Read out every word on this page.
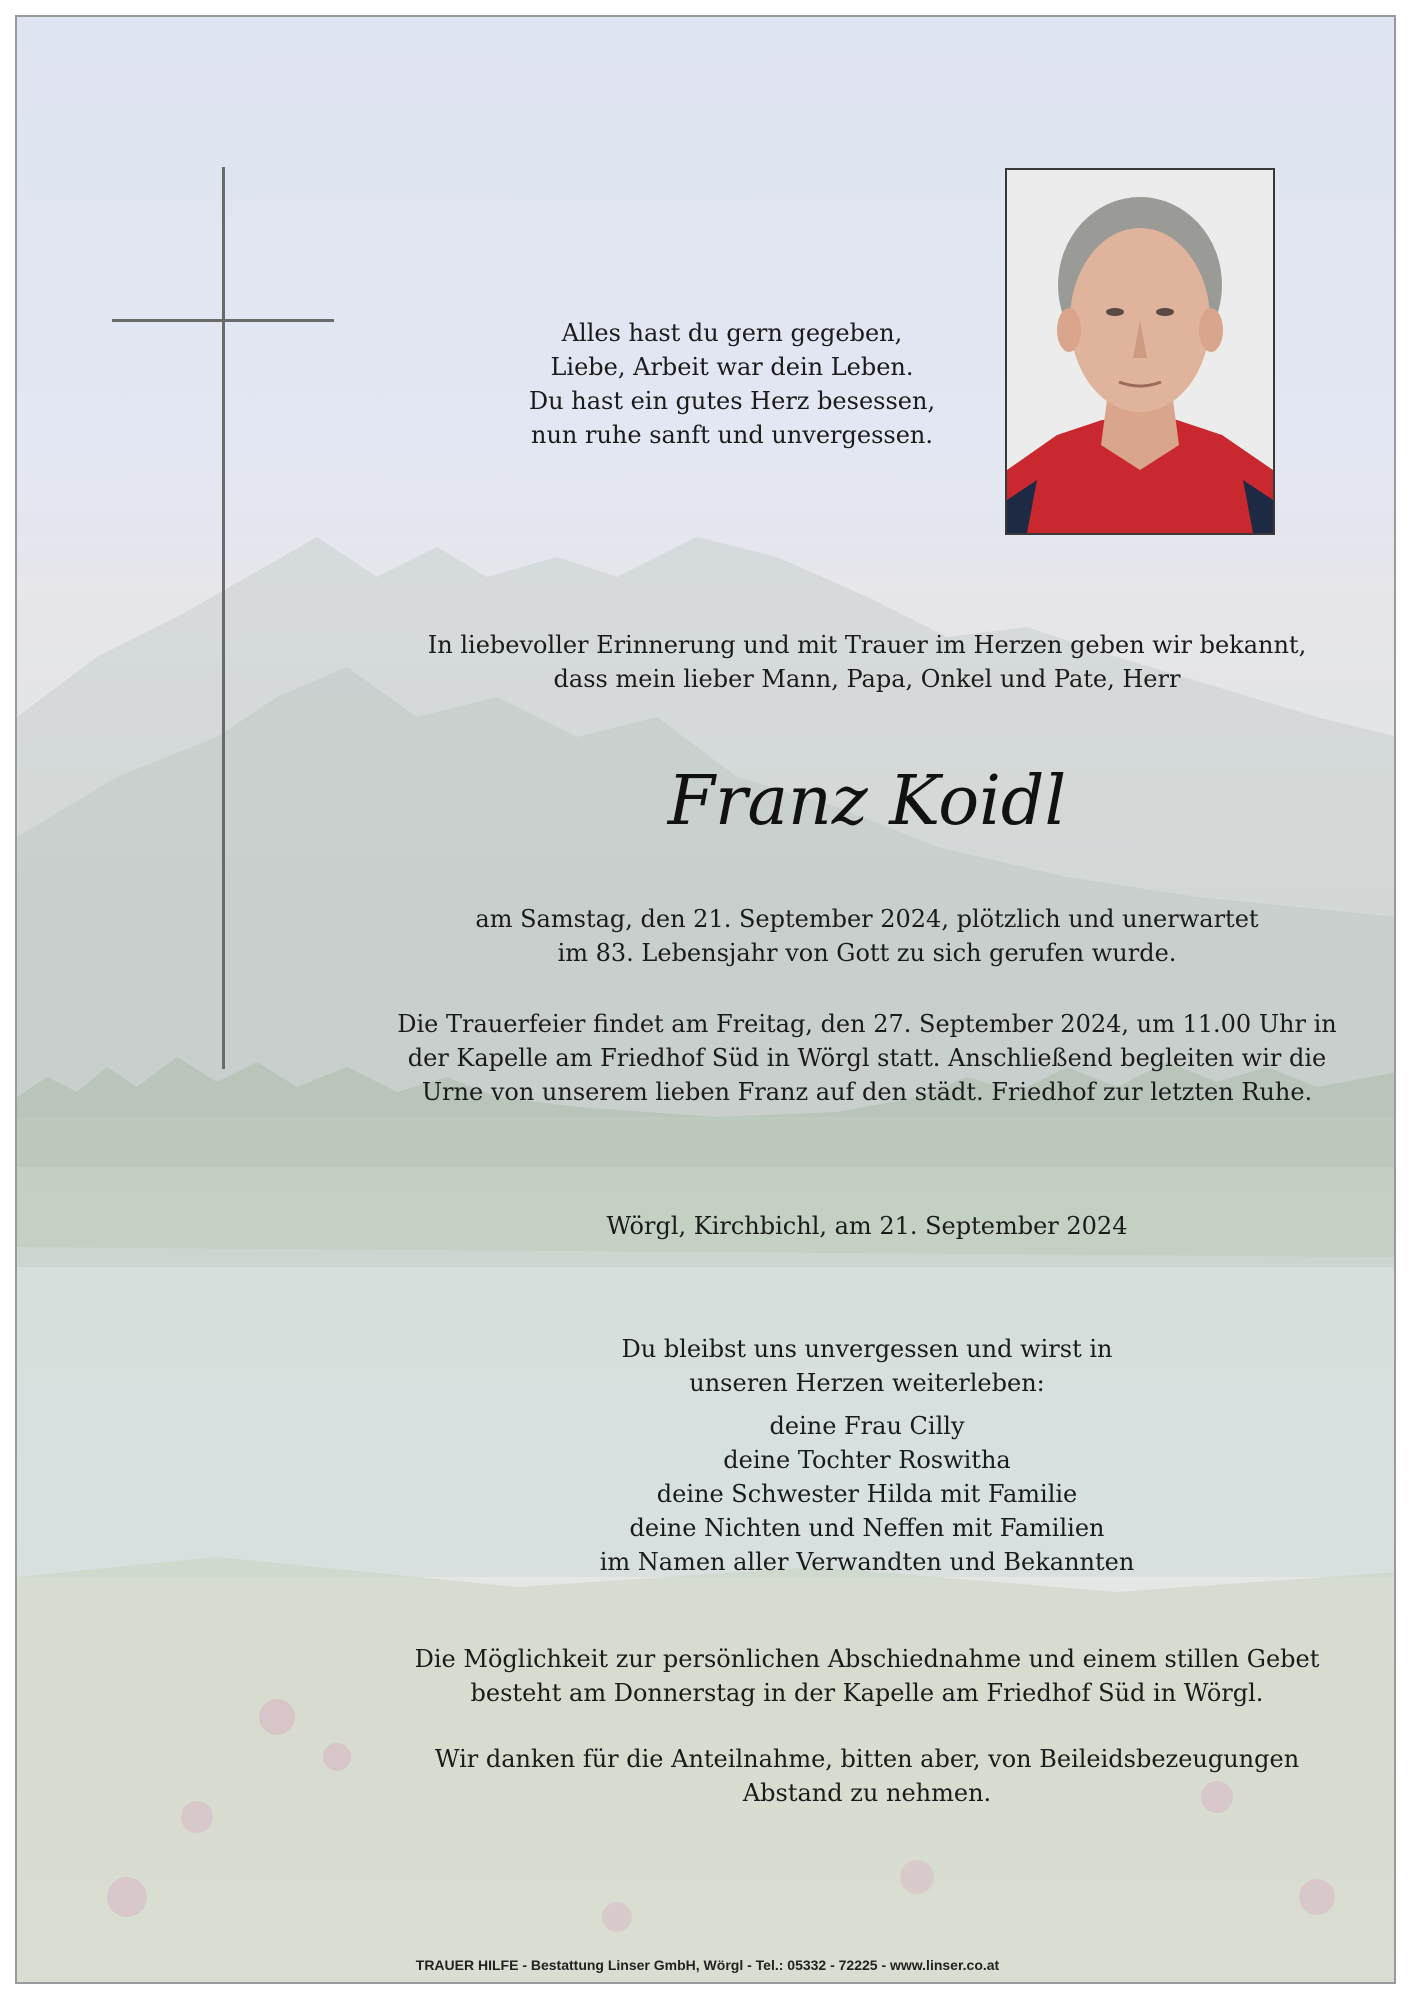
Alles hast du gern gegeben,
Liebe, Arbeit war dein Leben.
Du hast ein gutes Herz besessen,
nun ruhe sanft und unvergessen.
In liebevoller Erinnerung und mit Trauer im Herzen geben wir bekannt,
dass mein lieber Mann, Papa, Onkel und Pate, Herr
Franz Koidl
am Samstag, den 21. September 2024, plötzlich und unerwartet
im 83. Lebensjahr von Gott zu sich gerufen wurde.
Die Trauerfeier findet am Freitag, den 27. September 2024, um 11.00 Uhr in
der Kapelle am Friedhof Süd in Wörgl statt. Anschließend begleiten wir die
Urne von unserem lieben Franz auf den städt. Friedhof zur letzten Ruhe.
Wörgl, Kirchbichl, am 21. September 2024
Du bleibst uns unvergessen und wirst in
unseren Herzen weiterleben:
deine Frau Cilly
deine Tochter Roswitha
deine Schwester Hilda mit Familie
deine Nichten und Neffen mit Familien
im Namen aller Verwandten und Bekannten
Die Möglichkeit zur persönlichen Abschiednahme und einem stillen Gebet
besteht am Donnerstag in der Kapelle am Friedhof Süd in Wörgl.
Wir danken für die Anteilnahme, bitten aber, von Beileidsbezeugungen
Abstand zu nehmen.
TRAUER HILFE - Bestattung Linser GmbH, Wörgl - Tel.: 05332 - 72225 - www.linser.co.at
